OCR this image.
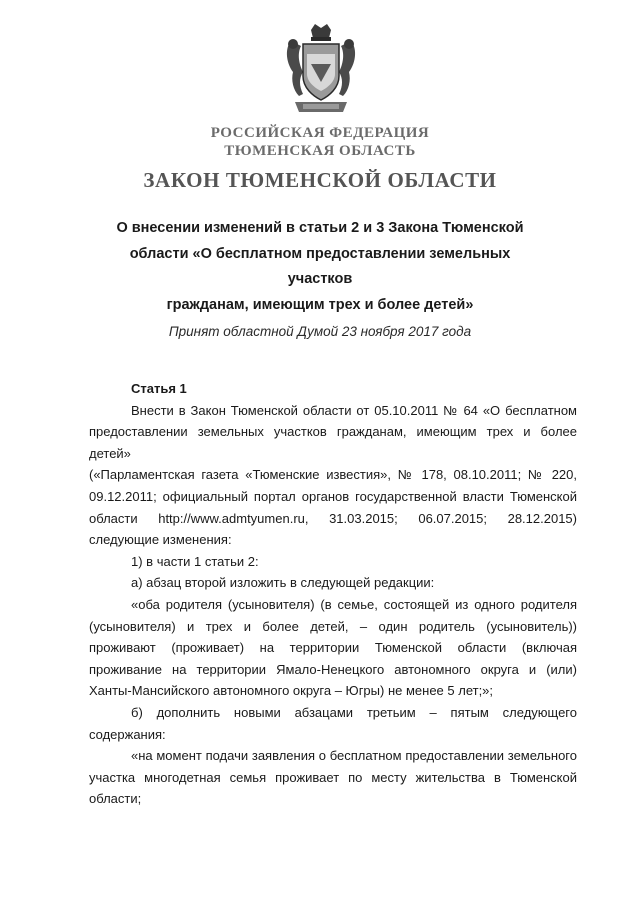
РОССИЙСКАЯ ФЕДЕРАЦИЯ
ТЮМЕНСКАЯ ОБЛАСТЬ
ЗАКОН ТЮМЕНСКОЙ ОБЛАСТИ
О внесении изменений в статьи 2 и 3 Закона Тюменской
области «О бесплатном предоставлении земельных участков
гражданам, имеющим трех и более детей»
Принят областной Думой 23 ноября 2017 года

Статья 1

Внести в Закон Тюменской области от 05.10.2011 № 64 «О бесплатном

предоставлении земельных участков гражданам, имеющим трех и более детей»

(«Парламентская газета «Тюменские известия», № 178, 08.10.2011; № 220,

09.12.2011; официальный портал органов государственной власти Тюменской

области http://www.admtyumen.ru, 31.03.2015; 06.07.2015; 28.12.2015)

следующие изменения:

1) в части 1 статьи 2:

а) абзац второй изложить в следующей редакции:

«оба родителя (усыновителя) (в семье, состоящей из одного родителя

(усыновителя) и трех и более детей, – один родитель (усыновитель))

проживают (проживает) на территории Тюменской области (включая

проживание на территории Ямало-Ненецкого автономного округа и (или)

Ханты-Мансийского автономного округа – Югры) не менее 5 лет;»;

б) дополнить новыми абзацами третьим – пятым следующего

содержания:

«на момент подачи заявления о бесплатном предоставлении земельного

участка многодетная семья проживает по месту жительства в Тюменской

области;
